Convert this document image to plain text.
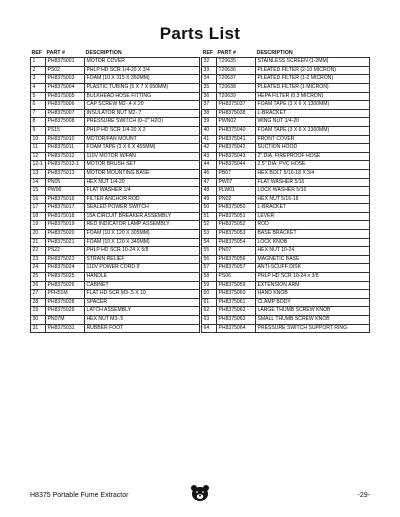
Parts List
REF	PART #	DESCRIPTION
1	PH8375001	MOTOR COVER
2	PS02	PHLP HD SCR 1/4-20 X 3/4
3	PH8375003	FOAM (10 X 315 X 350MM)
4	PH8375004	PLASTIC TUBING (5 X 7 X 650MM)
5	PH8375005	BULKHEAD HOSE FITTING
6	PH8375006	CAP SCREW M2-.4 X 20
7	PH8375007	INSULATOR NUT M2-.7
8	PH8375008	PRESSURE SWITCH (0–2" H2O)
9	PS15	PHLP HD SCR 1/4-20 X 2
10	PH8375010	MOTOR/FAN MOUNT
11	PH8375011	FOAM TAPE (3 X 6 X 455MM)
12	PH8375012	110V MOTOR W/FAN
12-1	PH8375012-1	MOTOR BRUSH SET
13	PH8375013	MOTOR MOUNTING BASE
14	PN05	HEX NUT 1/4-20
15	PW06	FLAT WASHER 1/4
16	PH8375016	FILTER ANCHOR ROD
17	PH8375017	SEALED POWER SWITCH
18	PH8375018	15A CIRCUIT BREAKER ASSEMBLY
19	PH8375019	RED INDICATOR LAMP ASSEMBLY
20	PH8375020	FOAM (10 X 120 X 305MM)
21	PH8375021	FOAM (10 X 120 X 340MM)
22	PS22	PHLP HD SCR 10-24 X 5/8
23	PH8375023	STRAIN RELIEF
24	PH8375024	110V POWER CORD 9'
25	PH8375025	HANDLE
26	PH8375026	CABINET
27	PFH51M	FLAT HD SCR M3-.5 X 10
28	PH8375028	SPACER
29	PH8375029	LATCH ASSEMBLY
30	PN07M	HEX NUT M3-.5
31	PH8375031	RUBBER FOOT
REF	PART #	DESCRIPTION
32	T20635	STAINLESS SCREEN (1-2MM)
33	T20636	PLEATED FILTER (2-10 MICRON)
34	T20637	PLEATED FILTER (1-2 MICRON)
35	T20638	PLEATED FILTER (1 MICRON)
36	T20639	HEPA FILTER (0.3 MICRON)
37	PH8375037	FOAM TAPE (3 X 6 X 1300MM)
38	PH8375038	L-BRACKET
39	PWN02	WING NUT 1/4-20
40	PH8375040	FOAM TAPE (3 X 6 X 1360MM)
41	PH8375041	FRONT COVER
42	PH8375042	SUCTION HOOD
43	PH8375043	2" DIA. FIREPROOF HOSE
44	PH8375044	2.5" DIA. PVC HOSE
46	PB07	HEX BOLT 5/16-18 X 3/4
47	PW07	FLAT WASHER 5/16
48	PLW01	LOCK WASHER 5/16
49	PN02	HEX NUT 5/16-18
50	PH8375050	L-BRACKET
51	PH8375051	LEVER
52	PH8375052	ROD
53	PH8375053	BASE BRACKET
54	PH8375054	LOCK KNOB
55	PN07	HEX NUT 10-24
56	PH8375056	MAGNETIC BASE
57	PH8375057	ANTI-SCUFF DISK
58	PS06	PHLP HD SCR 10-24 x 3/8
59	PH8375059	EXTENSION ARM
60	PH8375060	HAND KNOB
61	PH8375061	CLAMP BODY
62	PH8375062	LARGE THUMB SCREW KNOB
63	PH8375063	SMALL THUMB SCREW KNOB
64	PH8375064	PRESSURE SWITCH SUPPORT RING
H8375 Portable Fume Extractor	-29-
